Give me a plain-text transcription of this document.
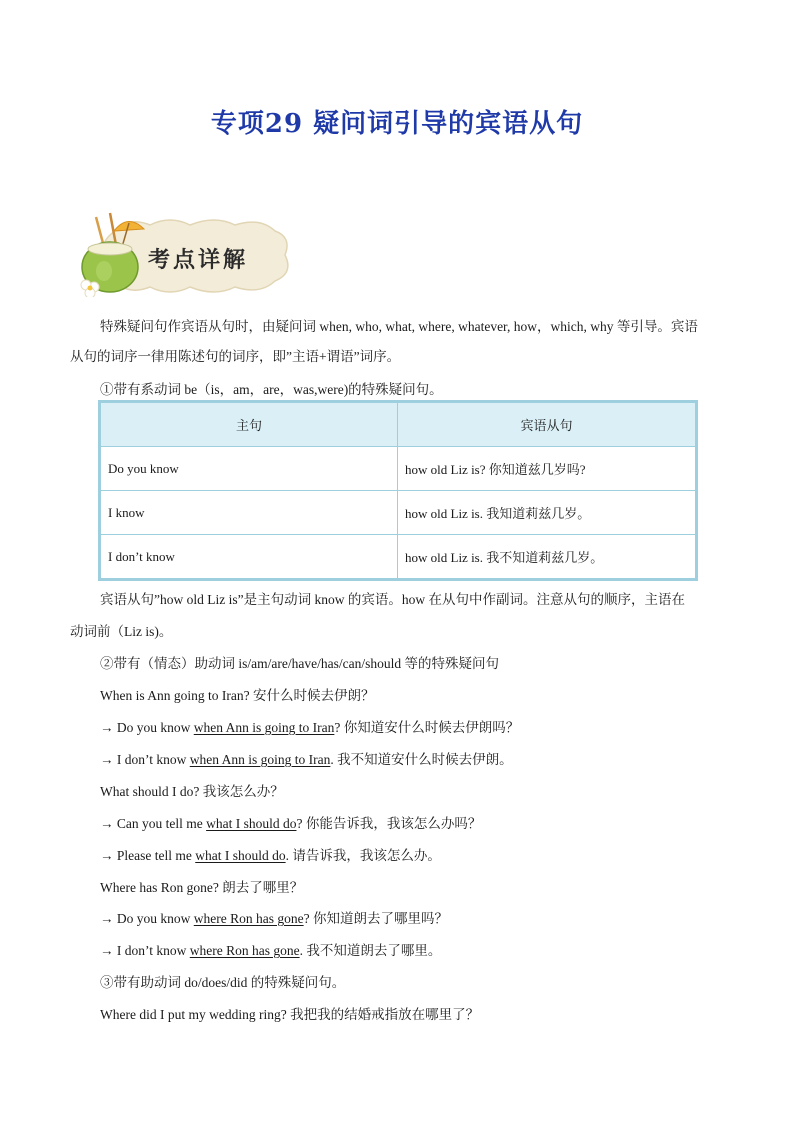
专项29 疑问词引导的宾语从句
考点详解
特殊疑问句作宾语从句时，由疑问词 when, who, what, where, whatever, how，which, why 等引导。宾语
从句的词序一律用陈述句的词序，即”主语+谓语”词序。
①带有系动词 be（is，am，are，was,were)的特殊疑问句。
主句	宾语从句
Do you know	how old Liz is? 你知道兹几岁吗?
I know	how old Liz is. 我知道莉兹几岁。
I don’t know	how old Liz is. 我不知道莉兹几岁。
宾语从句”how old Liz is”是主句动词 know 的宾语。how 在从句中作副词。注意从句的顺序，主语在
动词前（Liz is)。
②带有（情态）助动词 is/am/are/have/has/can/should 等的特殊疑问句
When is Ann going to Iran? 安什么时候去伊朗？
→ Do you know when Ann is going to Iran? 你知道安什么时候去伊朗吗？
→ I don’t know when Ann is going to Iran. 我不知道安什么时候去伊朗。
What should I do? 我该怎么办？
→ Can you tell me what I should do? 你能告诉我，我该怎么办吗？
→ Please tell me what I should do. 请告诉我，我该怎么办。
Where has Ron gone? 朗去了哪里？
→ Do you know where Ron has gone? 你知道朗去了哪里吗？
→ I don’t know where Ron has gone. 我不知道朗去了哪里。
③带有助动词 do/does/did 的特殊疑问句。
Where did I put my wedding ring? 我把我的结婚戒指放在哪里了？
